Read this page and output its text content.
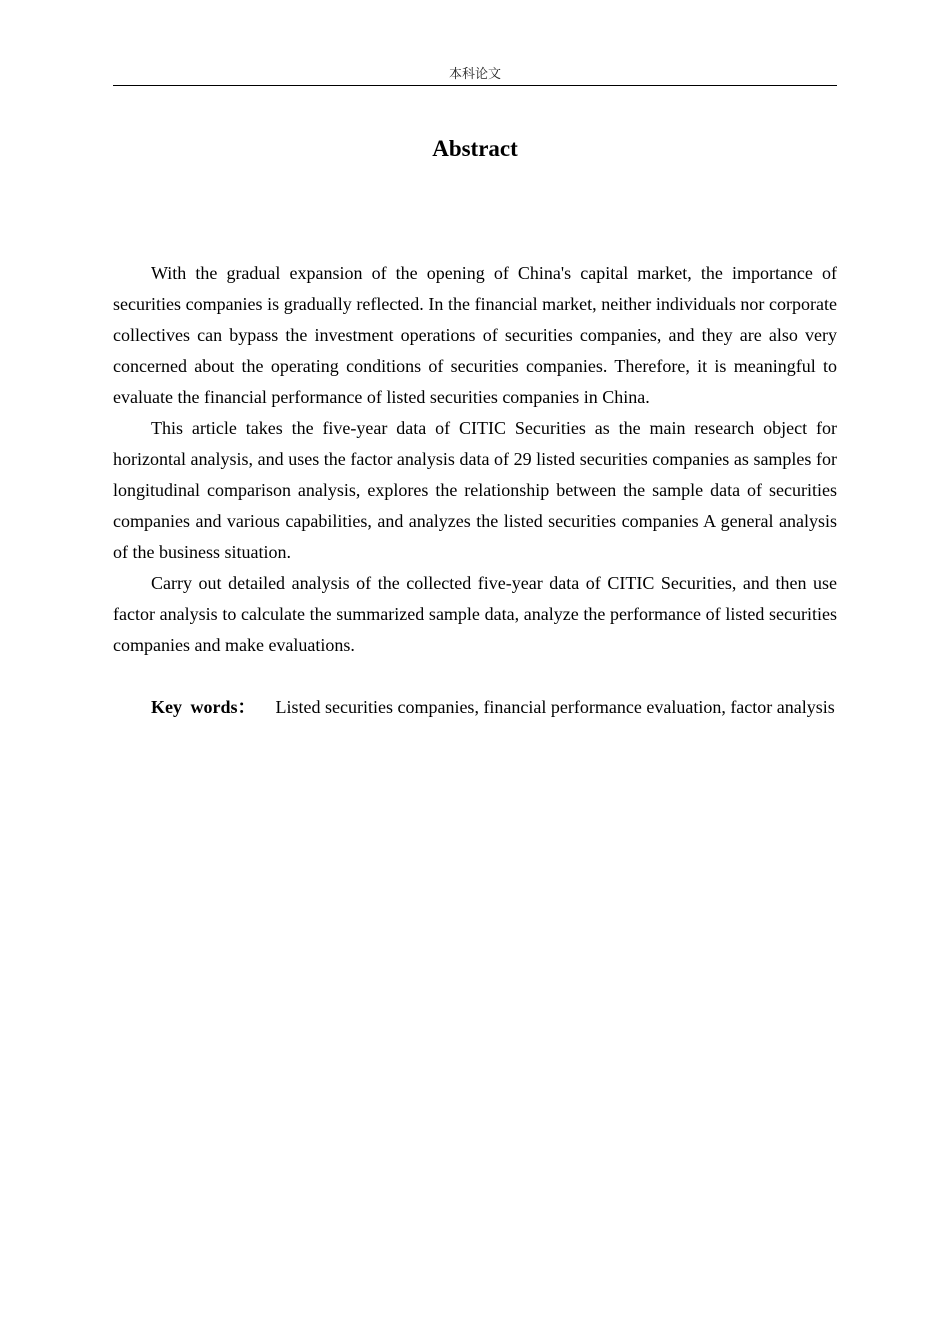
本科论文
Abstract

With the gradual expansion of the opening of China's capital market, the importance of securities companies is gradually reflected. In the financial market, neither individuals nor corporate collectives can bypass the investment operations of securities companies, and they are also very concerned about the operating conditions of securities companies. Therefore, it is meaningful to evaluate the financial performance of listed securities companies in China.

This article takes the five-year data of CITIC Securities as the main research object for horizontal analysis, and uses the factor analysis data of 29 listed securities companies as samples for longitudinal comparison analysis, explores the relationship between the sample data of securities companies and various capabilities, and analyzes the listed securities companies A general analysis of the business situation.

Carry out detailed analysis of the collected five-year data of CITIC Securities, and then use factor analysis to calculate the summarized sample data, analyze the performance of listed securities companies and make evaluations.

Key words： Listed securities companies, financial performance evaluation, factor analysis
